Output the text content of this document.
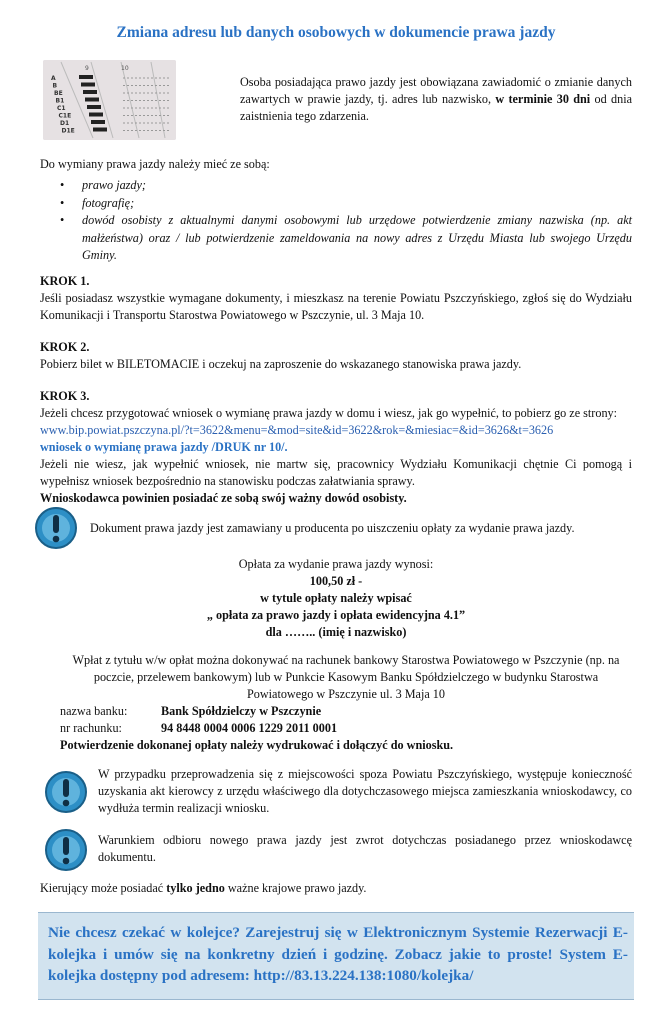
Zmiana adresu lub danych osobowych w dokumencie prawa jazdy
9	10
A
B
BE
B1
C1
C1E
D1
D1E
Osoba posiadająca prawo jazdy jest obowiązana zawiadomić o zmianie danych zawartych w prawie jazdy, tj. adres lub nazwisko, w terminie 30 dni od dnia zaistnienia tego zdarzenia.
Do wymiany prawa jazdy należy mieć ze sobą:
• prawo jazdy;
• fotografię;
• dowód osobisty z aktualnymi danymi osobowymi lub urzędowe potwierdzenie zmiany nazwiska (np. akt małżeństwa) oraz / lub potwierdzenie zameldowania na nowy adres z Urzędu Miasta lub swojego Urzędu Gminy.
KROK 1.
Jeśli posiadasz wszystkie wymagane dokumenty, i mieszkasz na terenie Powiatu Pszczyńskiego, zgłoś się do Wydziału Komunikacji i Transportu Starostwa Powiatowego w Pszczynie, ul. 3 Maja 10.
KROK 2.
Pobierz bilet w BILETOMACIE i oczekuj na zaproszenie do wskazanego stanowiska prawa jazdy.
KROK 3.
Jeżeli chcesz przygotować wniosek o wymianę prawa jazdy w domu i wiesz, jak go wypełnić, to pobierz go ze strony:
www.bip.powiat.pszczyna.pl/?t=3622&menu=&mod=site&id=3622&rok=&miesiac=&id=3626&t=3626
wniosek o wymianę prawa jazdy /DRUK nr 10/.
Jeżeli nie wiesz, jak wypełnić wniosek, nie martw się, pracownicy Wydziału Komunikacji chętnie Ci pomogą i wypełnisz wniosek bezpośrednio na stanowisku podczas załatwiania sprawy.
Wnioskodawca powinien posiadać ze sobą swój ważny dowód osobisty.
Dokument prawa jazdy jest zamawiany u producenta po uiszczeniu opłaty za wydanie prawa jazdy.
Opłata za wydanie prawa jazdy wynosi:
100,50 zł -
w tytule opłaty należy wpisać
„ opłata za prawo jazdy i opłata ewidencyjna 4.1”
dla …….. (imię i nazwisko)
Wpłat z tytułu w/w opłat można dokonywać na rachunek bankowy Starostwa Powiatowego w Pszczynie (np. na poczcie, przelewem bankowym) lub w Punkcie Kasowym Banku Spółdzielczego w budynku Starostwa Powiatowego w Pszczynie ul. 3 Maja 10
nazwa banku:	Bank Spółdzielczy w Pszczynie
nr rachunku:	94 8448 0004 0006 1229 2011 0001
Potwierdzenie dokonanej opłaty należy wydrukować i dołączyć do wniosku.
W przypadku przeprowadzenia się z miejscowości spoza Powiatu Pszczyńskiego, występuje konieczność uzyskania akt kierowcy z urzędu właściwego dla dotychczasowego miejsca zamieszkania wnioskodawcy, co wydłuża termin realizacji wniosku.
Warunkiem odbioru nowego prawa jazdy jest zwrot dotychczas posiadanego przez wnioskodawcę dokumentu.
Kierujący może posiadać tylko jedno ważne krajowe prawo jazdy.
Nie chcesz czekać w kolejce? Zarejestruj się w Elektronicznym Systemie Rezerwacji E-kolejka i umów się na konkretny dzień i godzinę. Zobacz jakie to proste! System E-kolejka dostępny pod adresem: http://83.13.224.138:1080/kolejka/
